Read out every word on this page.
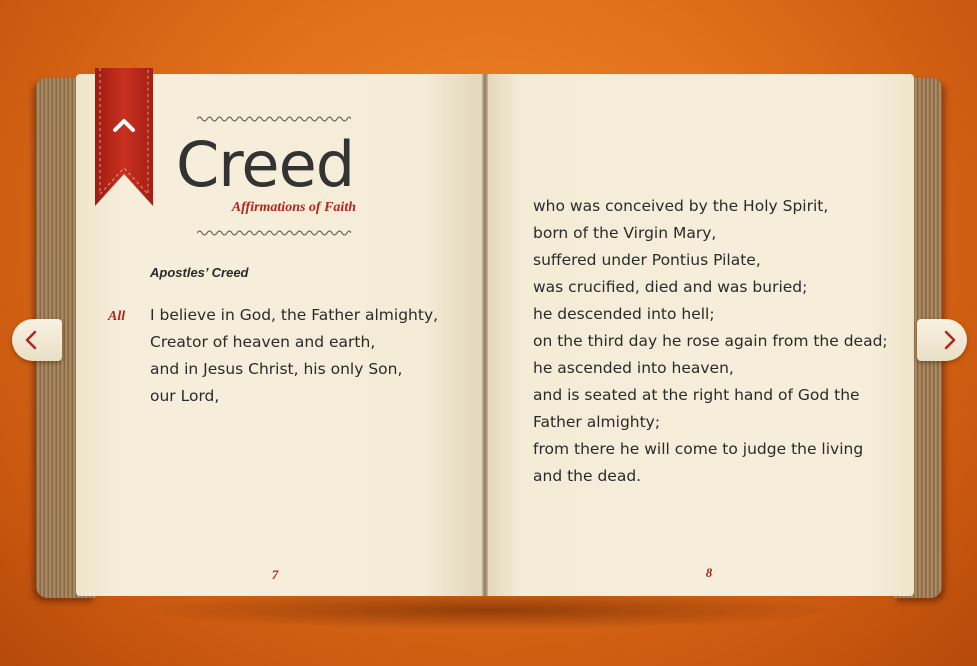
Creed
Affirmations of Faith
Apostles’ Creed
All	I believe in God, the Father almighty,
Creator of heaven and earth,
and in Jesus Christ, his only Son,
our Lord,
7
who was conceived by the Holy Spirit,
born of the Virgin Mary,
suffered under Pontius Pilate,
was crucified, died and was buried;
he descended into hell;
on the third day he rose again from the dead;
he ascended into heaven,
and is seated at the right hand of God the
Father almighty;
from there he will come to judge the living
and the dead.
8
